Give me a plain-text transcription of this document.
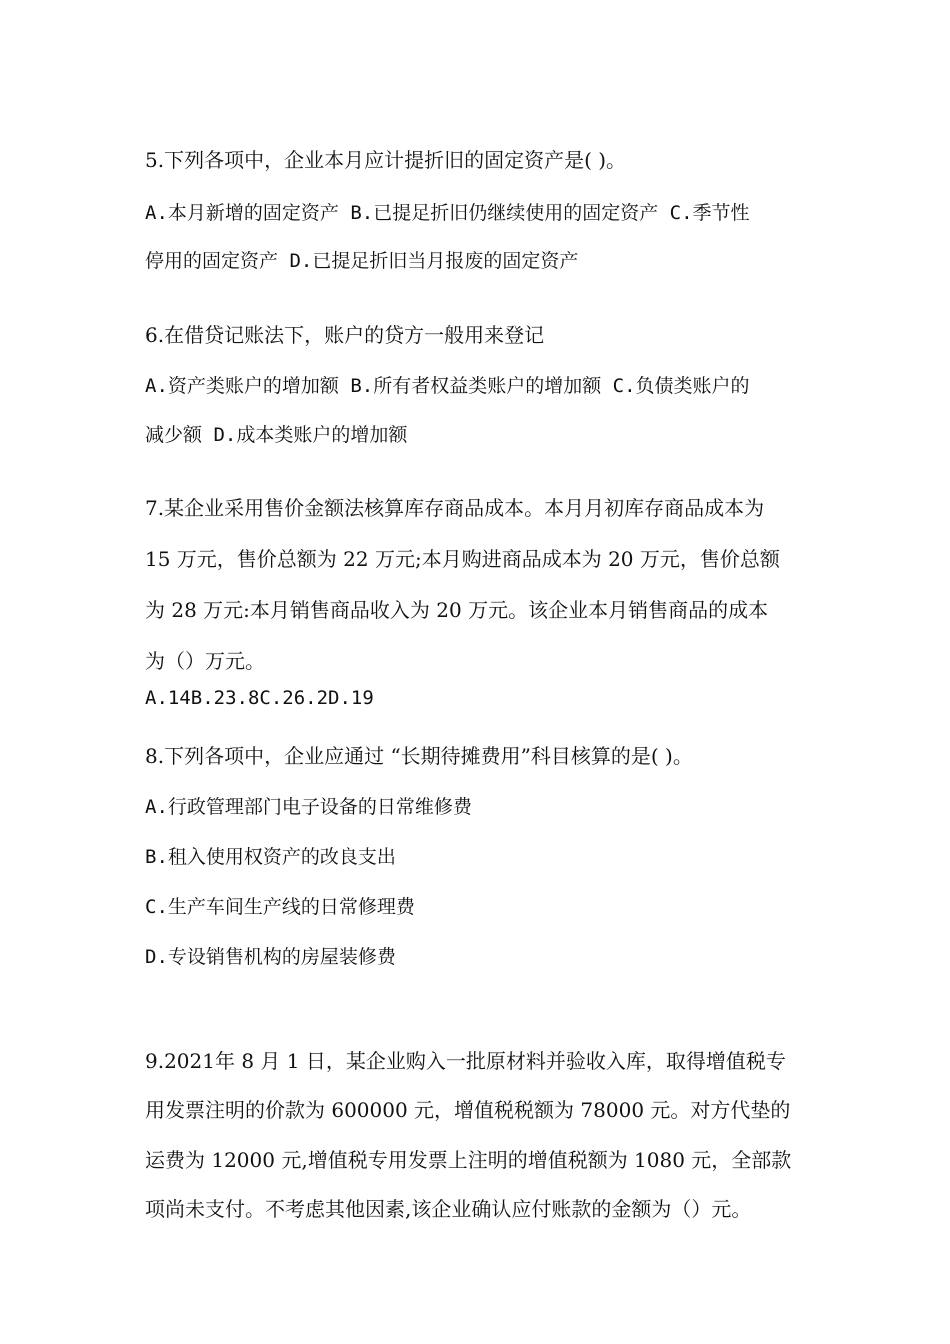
5.下列各项中，企业本月应计提折旧的固定资产是( )。
A.本月新增的固定资产 B.已提足折旧仍继续使用的固定资产 C.季节性
停用的固定资产 D.已提足折旧当月报废的固定资产
6.在借贷记账法下，账户的贷方一般用来登记
A.资产类账户的增加额 B.所有者权益类账户的增加额 C.负债类账户的
减少额 D.成本类账户的增加额
7.某企业采用售价金额法核算库存商品成本。本月月初库存商品成本为
15 万元，售价总额为 22 万元;本月购进商品成本为 20 万元，售价总额
为 28 万元:本月销售商品收入为 20 万元。该企业本月销售商品的成本
为（）万元。
A.14B.23.8C.26.2D.19
8.下列各项中，企业应通过 “长期待摊费用”科目核算的是( )。
A.行政管理部门电子设备的日常维修费
B.租入使用权资产的改良支出
C.生产车间生产线的日常修理费
D.专设销售机构的房屋装修费
9.2021年 8 月 1 日，某企业购入一批原材料并验收入库，取得增值税专
用发票注明的价款为 600000 元，增值税税额为 78000 元。对方代垫的
运费为 12000 元,增值税专用发票上注明的增值税额为 1080 元，全部款
项尚未支付。不考虑其他因素,该企业确认应付账款的金额为（）元。
